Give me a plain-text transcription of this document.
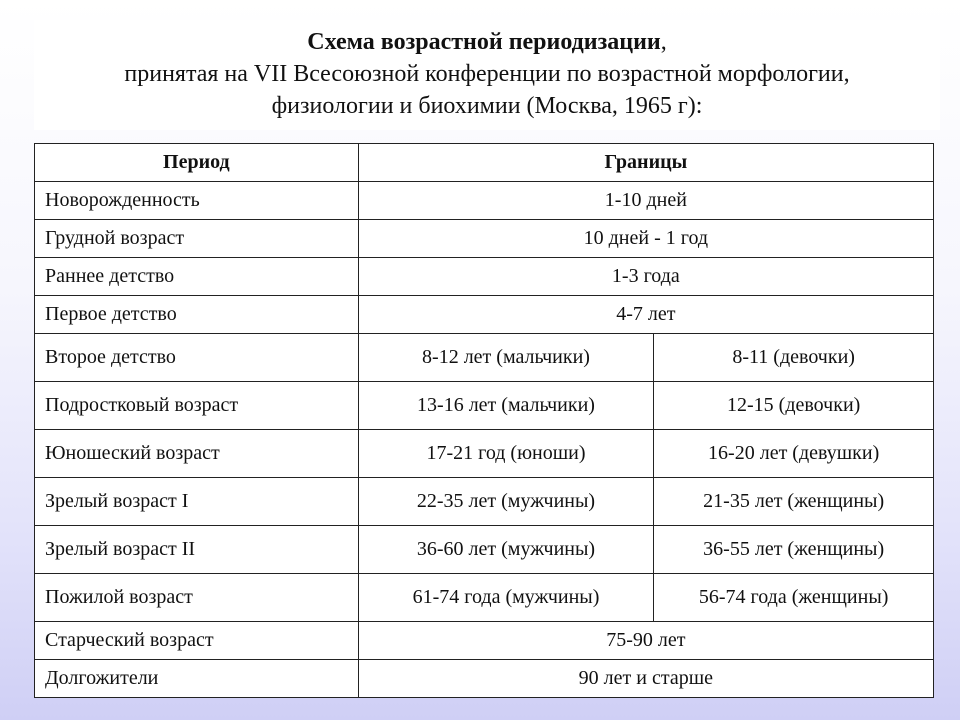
Схема возрастной периодизации,
принятая на VII Всесоюзной конференции по возрастной морфологии,
физиологии и биохимии (Москва, 1965 г):
Период	Границы	
Новорожденность	1-10 дней	
Грудной возраст	10 дней - 1 год	
Раннее детство	1-3 года	
Первое детство	4-7 лет	
Второе детство	8-12 лет (мальчики)	8-11 (девочки)
Подростковый возраст	13-16 лет (мальчики)	12-15 (девочки)
Юношеский возраст	17-21 год (юноши)	16-20 лет (девушки)
Зрелый возраст I	22-35 лет (мужчины)	21-35 лет (женщины)
Зрелый возраст II	36-60 лет (мужчины)	36-55 лет (женщины)
Пожилой возраст	61-74 года (мужчины)	56-74 года (женщины)
Старческий возраст	75-90 лет	
Долгожители	90 лет и старше	
